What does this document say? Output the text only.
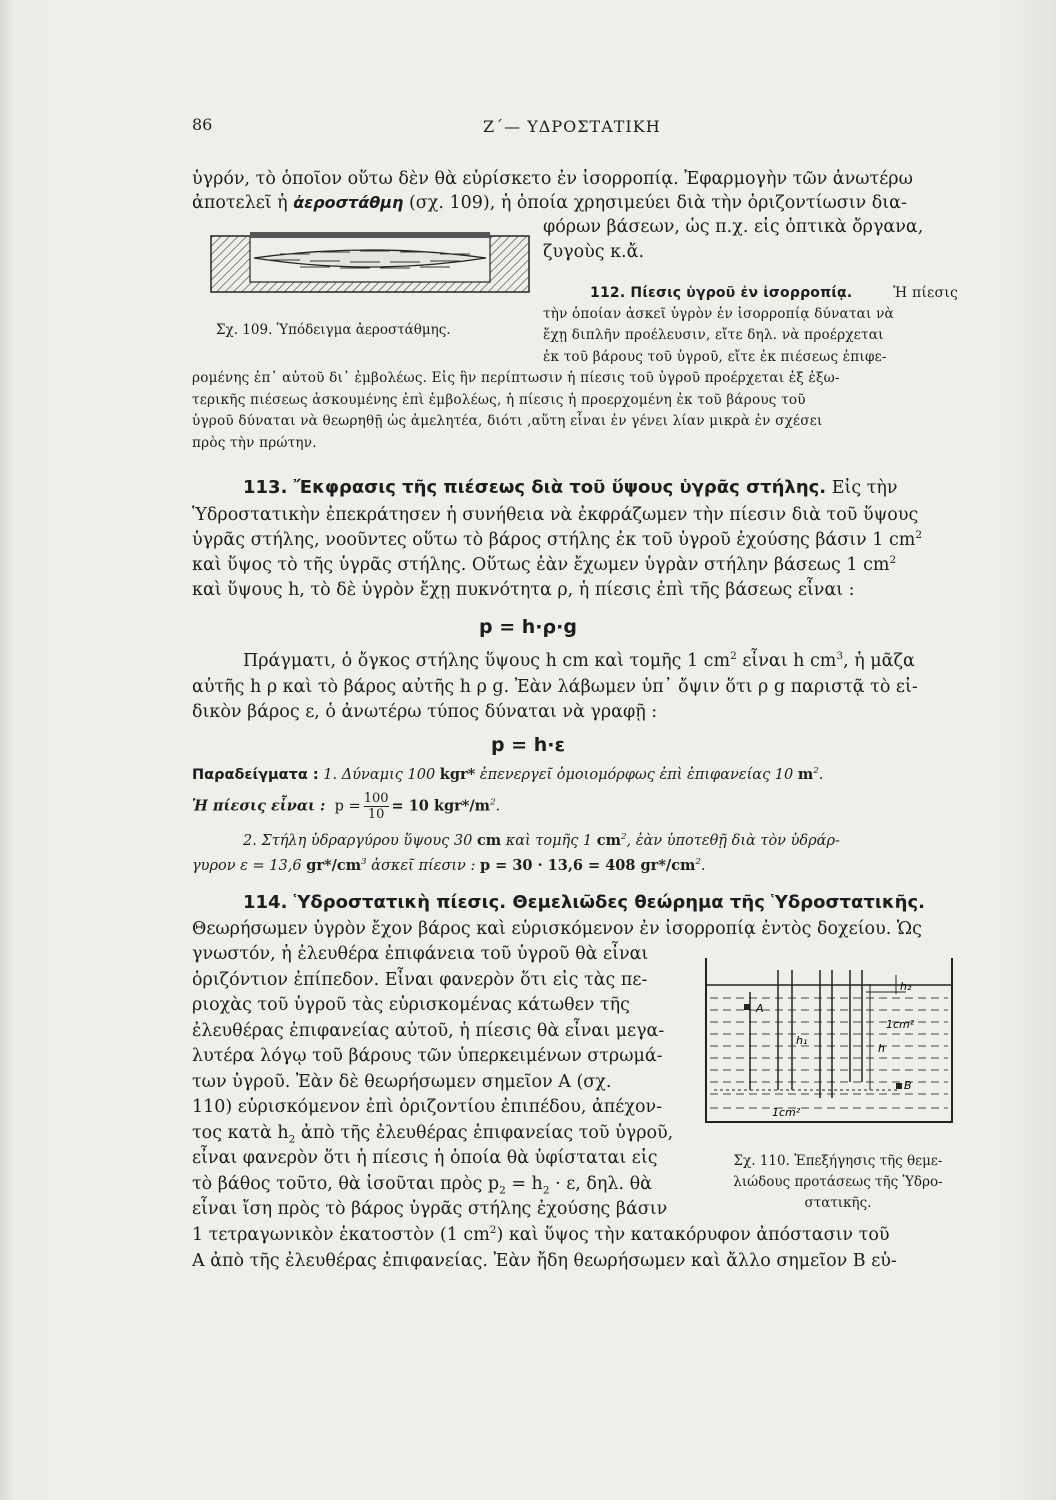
86	Ζ΄— ΥΔΡΟΣΤΑΤΙΚΗ

ὑγρόν, τὸ ὁποῖον οὕτω δὲν θὰ εὑρίσκετο ἐν ἰσορροπίᾳ. Ἐφαρμογὴν τῶν ἀνωτέρω

ἀποτελεῖ ἡ ἀεροστάθμη (σχ. 109), ἡ ὁποία χρησιμεύει διὰ τὴν ὁριζοντίωσιν δια-

φόρων βάσεων, ὡς π.χ. εἰς ὀπτικὰ ὄργανα,

ζυγοὺς κ.ἄ.

Σχ. 109. Ὑπόδειγμα ἀεροστάθμης.

112. Πίεσις ὑγροῦ ἐν ἰσορροπίᾳ.	Ἡ πίεσις

τὴν ὁποίαν ἀσκεῖ ὑγρὸν ἐν ἰσορροπίᾳ δύναται νὰ

ἔχῃ διπλῆν προέλευσιν, εἴτε δηλ. νὰ προέρχεται

ἐκ τοῦ βάρους τοῦ ὑγροῦ, εἴτε ἐκ πιέσεως ἐπιφε-

ρομένης ἐπ᾽ αὐτοῦ δι᾽ ἐμβολέως. Εἰς ἣν περίπτωσιν ἡ πίεσις τοῦ ὑγροῦ προέρχεται ἐξ ἐξω-

τερικῆς πιέσεως ἀσκουμένης ἐπὶ ἐμβολέως, ἡ πίεσις ἡ προερχομένη ἐκ τοῦ βάρους τοῦ

ὑγροῦ δύναται νὰ θεωρηθῇ ὡς ἀμελητέα, διότι ,αὕτη εἶναι ἐν γένει λίαν μικρὰ ἐν σχέσει

πρὸς τὴν πρώτην.

113. Ἔκφρασις τῆς πιέσεως διὰ τοῦ ὕψους ὑγρᾶς στήλης. Εἰς τὴν

Ὑδροστατικὴν ἐπεκράτησεν ἡ συνήθεια νὰ ἐκφράζωμεν τὴν πίεσιν διὰ τοῦ ὕψους

ὑγρᾶς στήλης, νοοῦντες οὕτω τὸ βάρος στήλης ἐκ τοῦ ὑγροῦ ἐχούσης βάσιν 1 $cm^2$

καὶ ὕψος τὸ τῆς ὑγρᾶς στήλης. Οὕτως ἐὰν ἔχωμεν ὑγρὰν στήλην βάσεως 1 $cm^2$

καὶ ὕψους h, τὸ δὲ ὑγρὸν ἔχῃ πυκνότητα ρ, ἡ πίεσις ἐπὶ τῆς βάσεως εἶναι :

p = h·ρ·g

Πράγματι, ὁ ὄγκος στήλης ὕψους h cm καὶ τομῆς 1 $cm^2$ εἶναι h $cm^3$, ἡ μᾶζα

αὐτῆς h ρ καὶ τὸ βάρος αὐτῆς h ρ g. Ἐὰν λάβωμεν ὑπ᾽ ὄψιν ὅτι ρ g παριστᾷ τὸ εἰ-

δικὸν βάρος ε, ὁ ἀνωτέρω τύπος δύναται νὰ γραφῇ :

p = h·ε

Παραδείγματα : 1. Δύναμις 100 kgr* ἐπενεργεῖ ὁμοιομόρφως ἐπὶ ἐπιφανείας 10 $m^2$.

Ἡ πίεσις εἶναι : $p = \frac{100}{10} = 10$ $kgr*/m^2$.

2. Στήλη ὑδραργύρου ὕψους 30 cm καὶ τομῆς 1 $cm^2$, ἐὰν ὑποτεθῇ διὰ τὸν ὑδράρ-

γυρον ε = 13,6 $gr*/cm^3$ ἀσκεῖ πίεσιν : p = 30 · 13,6 = 408 $gr*/cm^2$.

114. Ὑδροστατικὴ πίεσις. Θεμελιῶδες θεώρημα τῆς Ὑδροστατικῆς.

Θεωρήσωμεν ὑγρὸν ἔχον βάρος καὶ εὑρισκόμενον ἐν ἰσορροπίᾳ ἐντὸς δοχείου. Ὡς

γνωστόν, ἡ ἐλευθέρα ἐπιφάνεια τοῦ ὑγροῦ θὰ εἶναι

ὁριζόντιον ἐπίπεδον. Εἶναι φανερὸν ὅτι εἰς τὰς πε-

ριοχὰς τοῦ ὑγροῦ τὰς εὑρισκομένας κάτωθεν τῆς

ἐλευθέρας ἐπιφανείας αὐτοῦ, ἡ πίεσις θὰ εἶναι μεγα-

λυτέρα λόγῳ τοῦ βάρους τῶν ὑπερκειμένων στρωμά-

των ὑγροῦ. Ἐὰν δὲ θεωρήσωμεν σημεῖον Α (σχ.

110) εὑρισκόμενον ἐπὶ ὁριζοντίου ἐπιπέδου, ἀπέχον-

τος κατὰ $h_2$ ἀπὸ τῆς ἐλευθέρας ἐπιφανείας τοῦ ὑγροῦ,

εἶναι φανερὸν ὅτι ἡ πίεσις ἡ ὁποία θὰ ὑφίσταται εἰς

τὸ βάθος τοῦτο, θὰ ἰσοῦται πρὸς $p_2 = h_2 \cdot \varepsilon$, δηλ. θὰ

εἶναι ἴση πρὸς τὸ βάρος ὑγρᾶς στήλης ἐχούσης βάσιν

1 τετραγωνικὸν ἑκατοστὸν (1 $cm^2$) καὶ ὕψος τὴν κατακόρυφον ἀπόστασιν τοῦ

Α ἀπὸ τῆς ἐλευθέρας ἐπιφανείας. Ἐὰν ἤδη θεωρήσωμεν καὶ ἄλλο σημεῖον Β εὑ-

A
B
h₁
h₂
h
1cm²
1cm²
Σχ. 110. Ἐπεξήγησις τῆς θεμε-
λιώδους προτάσεως τῆς Ὑδρο-
στατικῆς.
